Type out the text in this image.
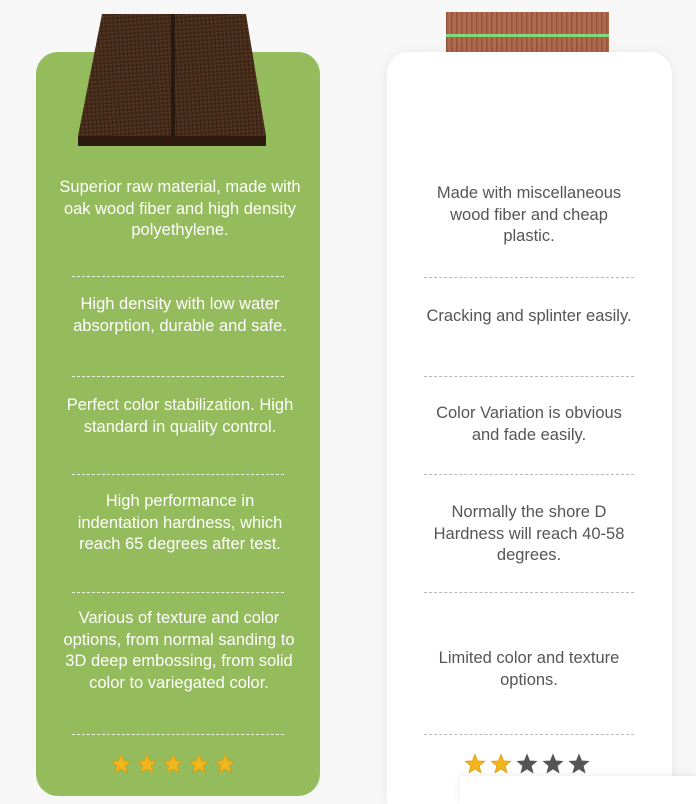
Superior raw material, made with oak wood fiber and high density polyethylene.

High density with low water absorption, durable and safe.

Perfect color stabilization. High standard in quality control.

High performance in indentation hardness, which reach 65 degrees after test.

Various of texture and color options, from normal sanding to 3D deep embossing, from solid color to variegated color.

Made with miscellaneous wood fiber and cheap plastic.

Cracking and splinter easily.

Color Variation is obvious and fade easily.

Normally the shore D Hardness will reach 40-58 degrees.

Limited color and texture options.
